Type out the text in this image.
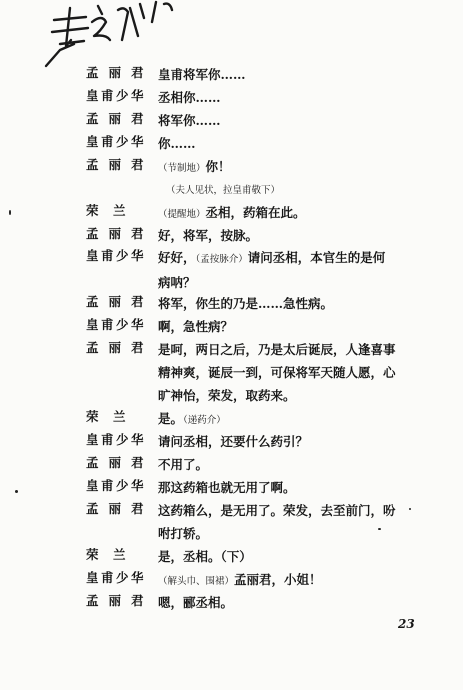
孟丽君 皇甫将军你……
皇甫少华 丞相你……
孟丽君 将军你……
皇甫少华 你……
孟丽君 （节制地）你！
（夫人见状，拉皇甫敬下）
荣兰	（提醒地）丞相，药箱在此。
孟丽君 好，将军，按脉。
皇甫少华 好好，（孟按脉介）请问丞相，本官生的是何
病呐？
孟丽君 将军，你生的乃是……急性病。
皇甫少华 啊，急性病？
孟丽君 是呵，两日之后，乃是太后诞辰，人逢喜事
精神爽，诞辰一到，可保将军天随人愿，心
旷神怡，荣发，取药来。
荣兰	是。（递药介）
皇甫少华 请问丞相，还要什么药引？
孟丽君 不用了。
皇甫少华 那这药箱也就无用了啊。
孟丽君 这药箱么，是无用了。荣发，去至前门，吩
咐打轿。
荣兰	是，丞相。（下）
皇甫少华 （解头巾、围裙）孟丽君，小姐！
孟丽君 嗯，郦丞相。
23
